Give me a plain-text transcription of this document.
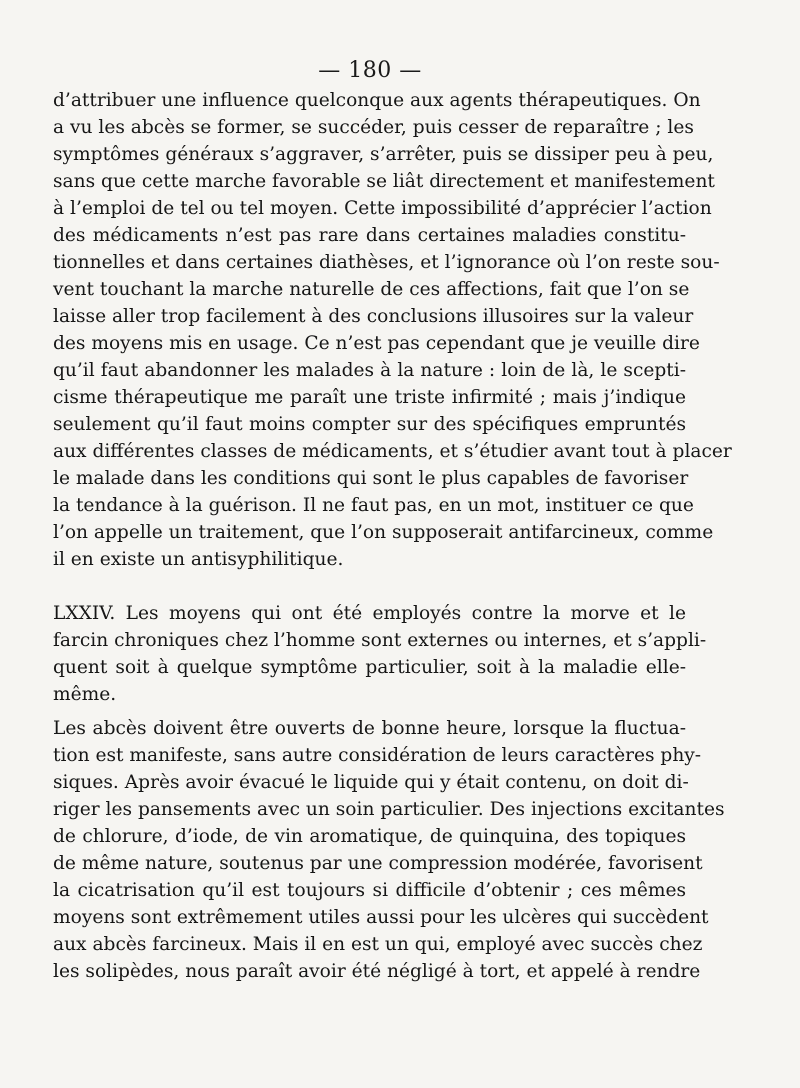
— 180 —
d’attribuer une influence quelconque aux agents thérapeutiques. On
a vu les abcès se former, se succéder, puis cesser de reparaître ; les
symptômes généraux s’aggraver, s’arrêter, puis se dissiper peu à peu,
sans que cette marche favorable se liât directement et manifestement
à l’emploi de tel ou tel moyen. Cette impossibilité d’apprécier l’action
des médicaments n’est pas rare dans certaines maladies constitu-
tionnelles et dans certaines diathèses, et l’ignorance où l’on reste sou-
vent touchant la marche naturelle de ces affections, fait que l’on se
laisse aller trop facilement à des conclusions illusoires sur la valeur
des moyens mis en usage. Ce n’est pas cependant que je veuille dire
qu’il faut abandonner les malades à la nature : loin de là, le scepti-
cisme thérapeutique me paraît une triste infirmité ; mais j’indique
seulement qu’il faut moins compter sur des spécifiques empruntés
aux différentes classes de médicaments, et s’étudier avant tout à placer
le malade dans les conditions qui sont le plus capables de favoriser
la tendance à la guérison. Il ne faut pas, en un mot, instituer ce que
l’on appelle un traitement, que l’on supposerait antifarcineux, comme
il en existe un antisyphilitique.
LXXIV. Les moyens qui ont été employés contre la morve et le
farcin chroniques chez l’homme sont externes ou internes, et s’appli-
quent soit à quelque symptôme particulier, soit à la maladie elle-
même.
Les abcès doivent être ouverts de bonne heure, lorsque la fluctua-
tion est manifeste, sans autre considération de leurs caractères phy-
siques. Après avoir évacué le liquide qui y était contenu, on doit di-
riger les pansements avec un soin particulier. Des injections excitantes
de chlorure, d’iode, de vin aromatique, de quinquina, des topiques
de même nature, soutenus par une compression modérée, favorisent
la cicatrisation qu’il est toujours si difficile d’obtenir ; ces mêmes
moyens sont extrêmement utiles aussi pour les ulcères qui succèdent
aux abcès farcineux. Mais il en est un qui, employé avec succès chez
les solipèdes, nous paraît avoir été négligé à tort, et appelé à rendre
